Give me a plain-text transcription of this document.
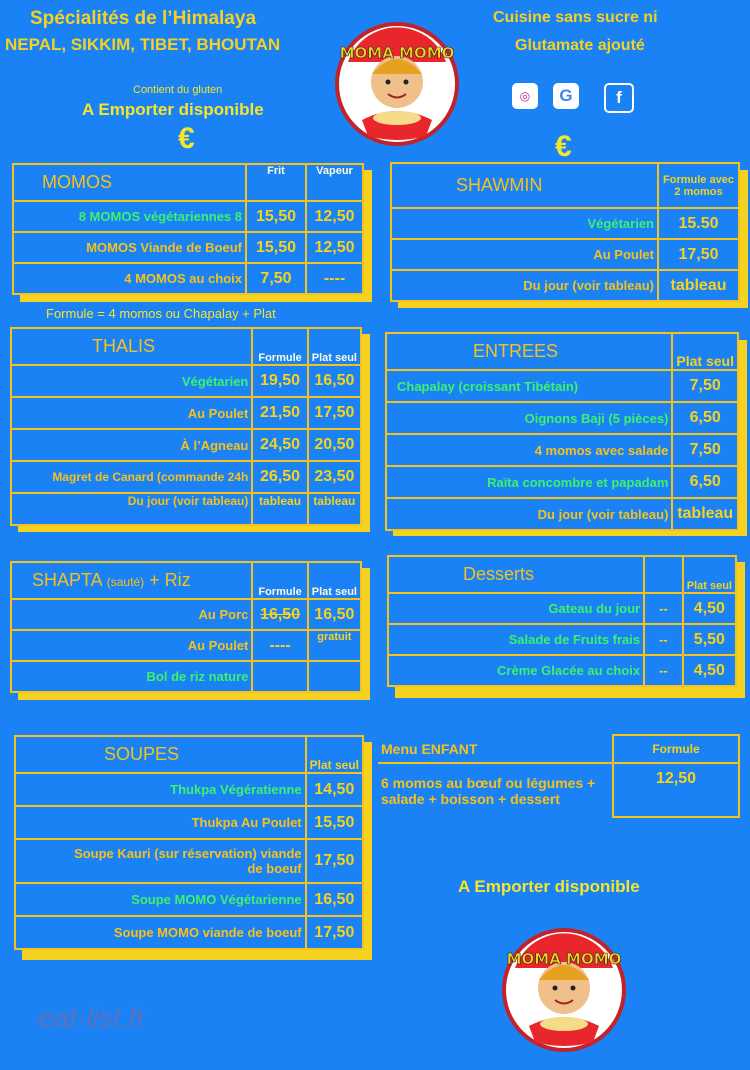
Spécialités de l’Himalaya
NEPAL, SIKKIM, TIBET, BHOUTAN
Cuisine sans sucre ni
Glutamate ajouté
Contient du gluten
A Emporter disponible
€	€
MOMA MOMO
◎	G	f
MOMOS	Frit	Vapeur
8 MOMOS végétariennes 8	15,50	12,50
MOMOS Viande de Boeuf	15,50	12,50
4 MOMOS au choix	7,50	----
Formule = 4 momos ou Chapalay + Plat
SHAWMIN	Formule avec 2 momos
Végétarien	15.50
Au Poulet	17,50
Du jour (voir tableau)	tableau
THALIS	Formule	Plat seul
Végétarien	19,50	16,50
Au Poulet	21,50	17,50
À l’Agneau	24,50	20,50
Magret de Canard (commande 24h	26,50	23,50
Du jour (voir tableau)	tableau	tableau
ENTREES	Plat seul
Chapalay (croissant Tibétain)	7,50
Oignons Baji (5 pièces)	6,50
4 momos avec salade	7,50
Raïta concombre et papadam	6,50
Du jour (voir tableau)	tableau
SHAPTA (sauté) + Riz	Formule	Plat seul
Au Porc	16,50	16,50
Au Poulet	----	gratuit
Bol de riz nature		
Desserts		Plat seul
Gateau du jour	--	4,50
Salade de Fruits frais	--	5,50
Crème Glacée au choix	--	4,50
SOUPES	Plat seul
Thukpa Végératienne	14,50
Thukpa Au Poulet	15,50
Soupe Kauri (sur réservation) viande de boeuf	17,50
Soupe MOMO Végétarienne	16,50
Soupe MOMO viande de boeuf	17,50
Menu ENFANT	Formule
6 momos au bœuf ou légumes + salade + boisson + dessert	12,50
A Emporter disponible
MOMA MOMO
eat-list.fr
